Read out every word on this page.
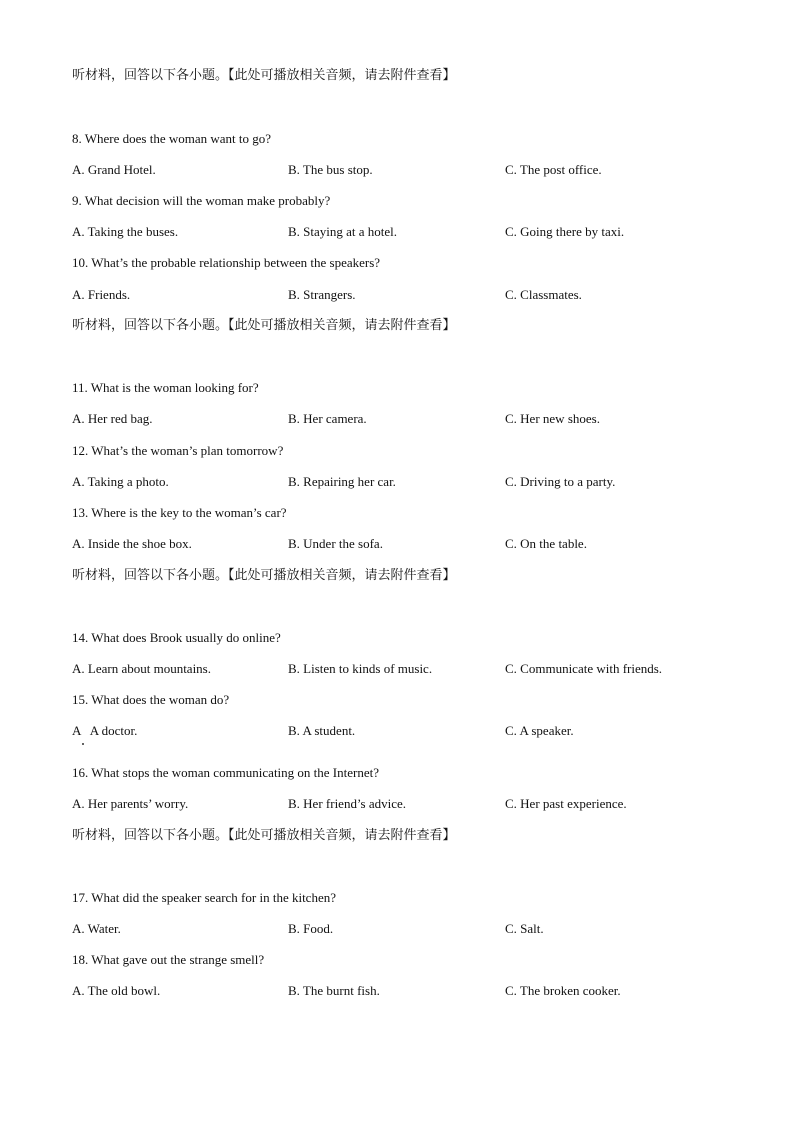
听材料，回答以下各小题。【此处可播放相关音频，请去附件查看】
8. Where does the woman want to go?
A. Grand Hotel.	B. The bus stop.	C. The post office.
9. What decision will the woman make probably?
A. Taking the buses.	B. Staying at a hotel.	C. Going there by taxi.
10. What’s the probable relationship between the speakers?
A. Friends.	B. Strangers.	C. Classmates.
听材料，回答以下各小题。【此处可播放相关音频，请去附件查看】
11. What is the woman looking for?
A. Her red bag.	B. Her camera.	C. Her new shoes.
12. What’s the woman’s plan tomorrow?
A. Taking a photo.	B. Repairing her car.	C. Driving to a party.
13. Where is the key to the woman’s car?
A. Inside the shoe box.	B. Under the sofa.	C. On the table.
听材料，回答以下各小题。【此处可播放相关音频，请去附件查看】
14. What does Brook usually do online?
A. Learn about mountains.	B. Listen to kinds of music.	C. Communicate with friends.
15. What does the woman do?
A   A doctor.	B. A student.	C. A speaker.
16. What stops the woman communicating on the Internet?
A. Her parents’ worry.	B. Her friend’s advice.	C. Her past experience.
听材料，回答以下各小题。【此处可播放相关音频，请去附件查看】
17. What did the speaker search for in the kitchen?
A. Water.	B. Food.	C. Salt.
18. What gave out the strange smell?
A. The old bowl.	B. The burnt fish.	C. The broken cooker.
